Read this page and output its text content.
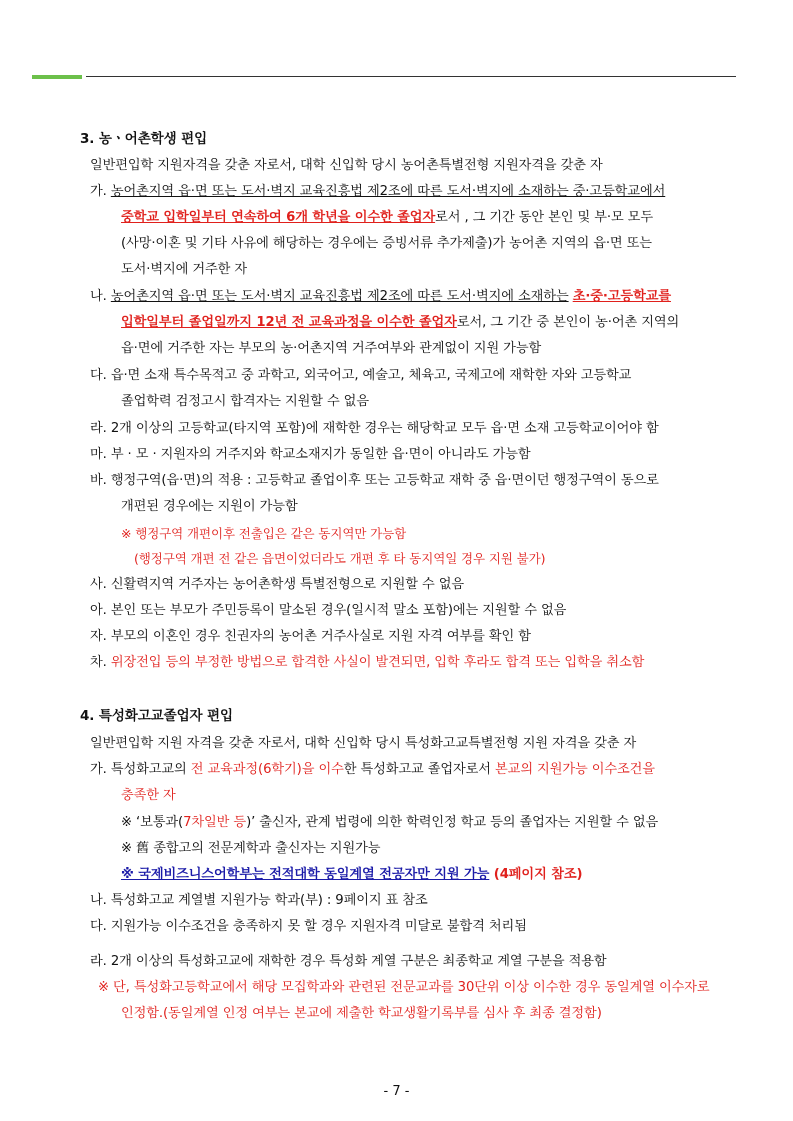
3. 농ㆍ어촌학생 편입
일반편입학 지원자격을 갖춘 자로서, 대학 신입학 당시 농어촌특별전형 지원자격을 갖춘 자
가. 농어촌지역 읍·면 또는 도서·벽지 교육진흥법 제2조에 따른 도서·벽지에 소재하는 중·고등학교에서
중학교 입학일부터 연속하여 6개 학년을 이수한 졸업자로서 , 그 기간 동안 본인 및 부·모 모두
(사망·이혼 및 기타 사유에 해당하는 경우에는 증빙서류 추가제출)가 농어촌 지역의 읍·면 또는
도서·벽지에 거주한 자
나. 농어촌지역 읍·면 또는 도서·벽지 교육진흥법 제2조에 따른 도서·벽지에 소재하는 초·중·고등학교를
입학일부터 졸업일까지 12년 전 교육과정을 이수한 졸업자로서, 그 기간 중 본인이 농·어촌 지역의
읍·면에 거주한 자는 부모의 농·어촌지역 거주여부와 관계없이 지원 가능함
다. 읍·면 소재 특수목적고 중 과학고, 외국어고, 예술고, 체육고, 국제고에 재학한 자와 고등학교
졸업학력 검정고시 합격자는 지원할 수 없음
라. 2개 이상의 고등학교(타지역 포함)에 재학한 경우는 해당학교 모두 읍·면 소재 고등학교이어야 함
마. 부 · 모 · 지원자의 거주지와 학교소재지가 동일한 읍·면이 아니라도 가능함
바. 행정구역(읍·면)의 적용 : 고등학교 졸업이후 또는 고등학교 재학 중 읍·면이던 행정구역이 동으로
개편된 경우에는 지원이 가능함
※ 행정구역 개편이후 전출입은 같은 동지역만 가능함
(행정구역 개편 전 같은 읍면이었더라도 개편 후 타 동지역일 경우 지원 불가)
사. 신활력지역 거주자는 농어촌학생 특별전형으로 지원할 수 없음
아. 본인 또는 부모가 주민등록이 말소된 경우(일시적 말소 포함)에는 지원할 수 없음
자. 부모의 이혼인 경우 친권자의 농어촌 거주사실로 지원 자격 여부를 확인 함
차. 위장전입 등의 부정한 방법으로 합격한 사실이 발견되면, 입학 후라도 합격 또는 입학을 취소함
4. 특성화고교졸업자 편입
일반편입학 지원 자격을 갖춘 자로서, 대학 신입학 당시 특성화고교특별전형 지원 자격을 갖춘 자
가. 특성화고교의 전 교육과정(6학기)을 이수한 특성화고교 졸업자로서 본교의 지원가능 이수조건을
충족한 자
※ ‘보통과(7차일반 등)’ 출신자, 관계 법령에 의한 학력인정 학교 등의 졸업자는 지원할 수 없음
※ 舊 종합고의 전문계학과 출신자는 지원가능
※ 국제비즈니스어학부는 전적대학 동일계열 전공자만 지원 가능 (4페이지 참조)
나. 특성화고교 계열별 지원가능 학과(부) : 9페이지 표 참조
다. 지원가능 이수조건을 충족하지 못 할 경우 지원자격 미달로 불합격 처리됨
라. 2개 이상의 특성화고교에 재학한 경우 특성화 계열 구분은 최종학교 계열 구분을 적용함
※ 단, 특성화고등학교에서 해당 모집학과와 관련된 전문교과를 30단위 이상 이수한 경우 동일계열 이수자로
인정함.(동일계열 인정 여부는 본교에 제출한 학교생활기록부를 심사 후 최종 결정함)
- 7 -
